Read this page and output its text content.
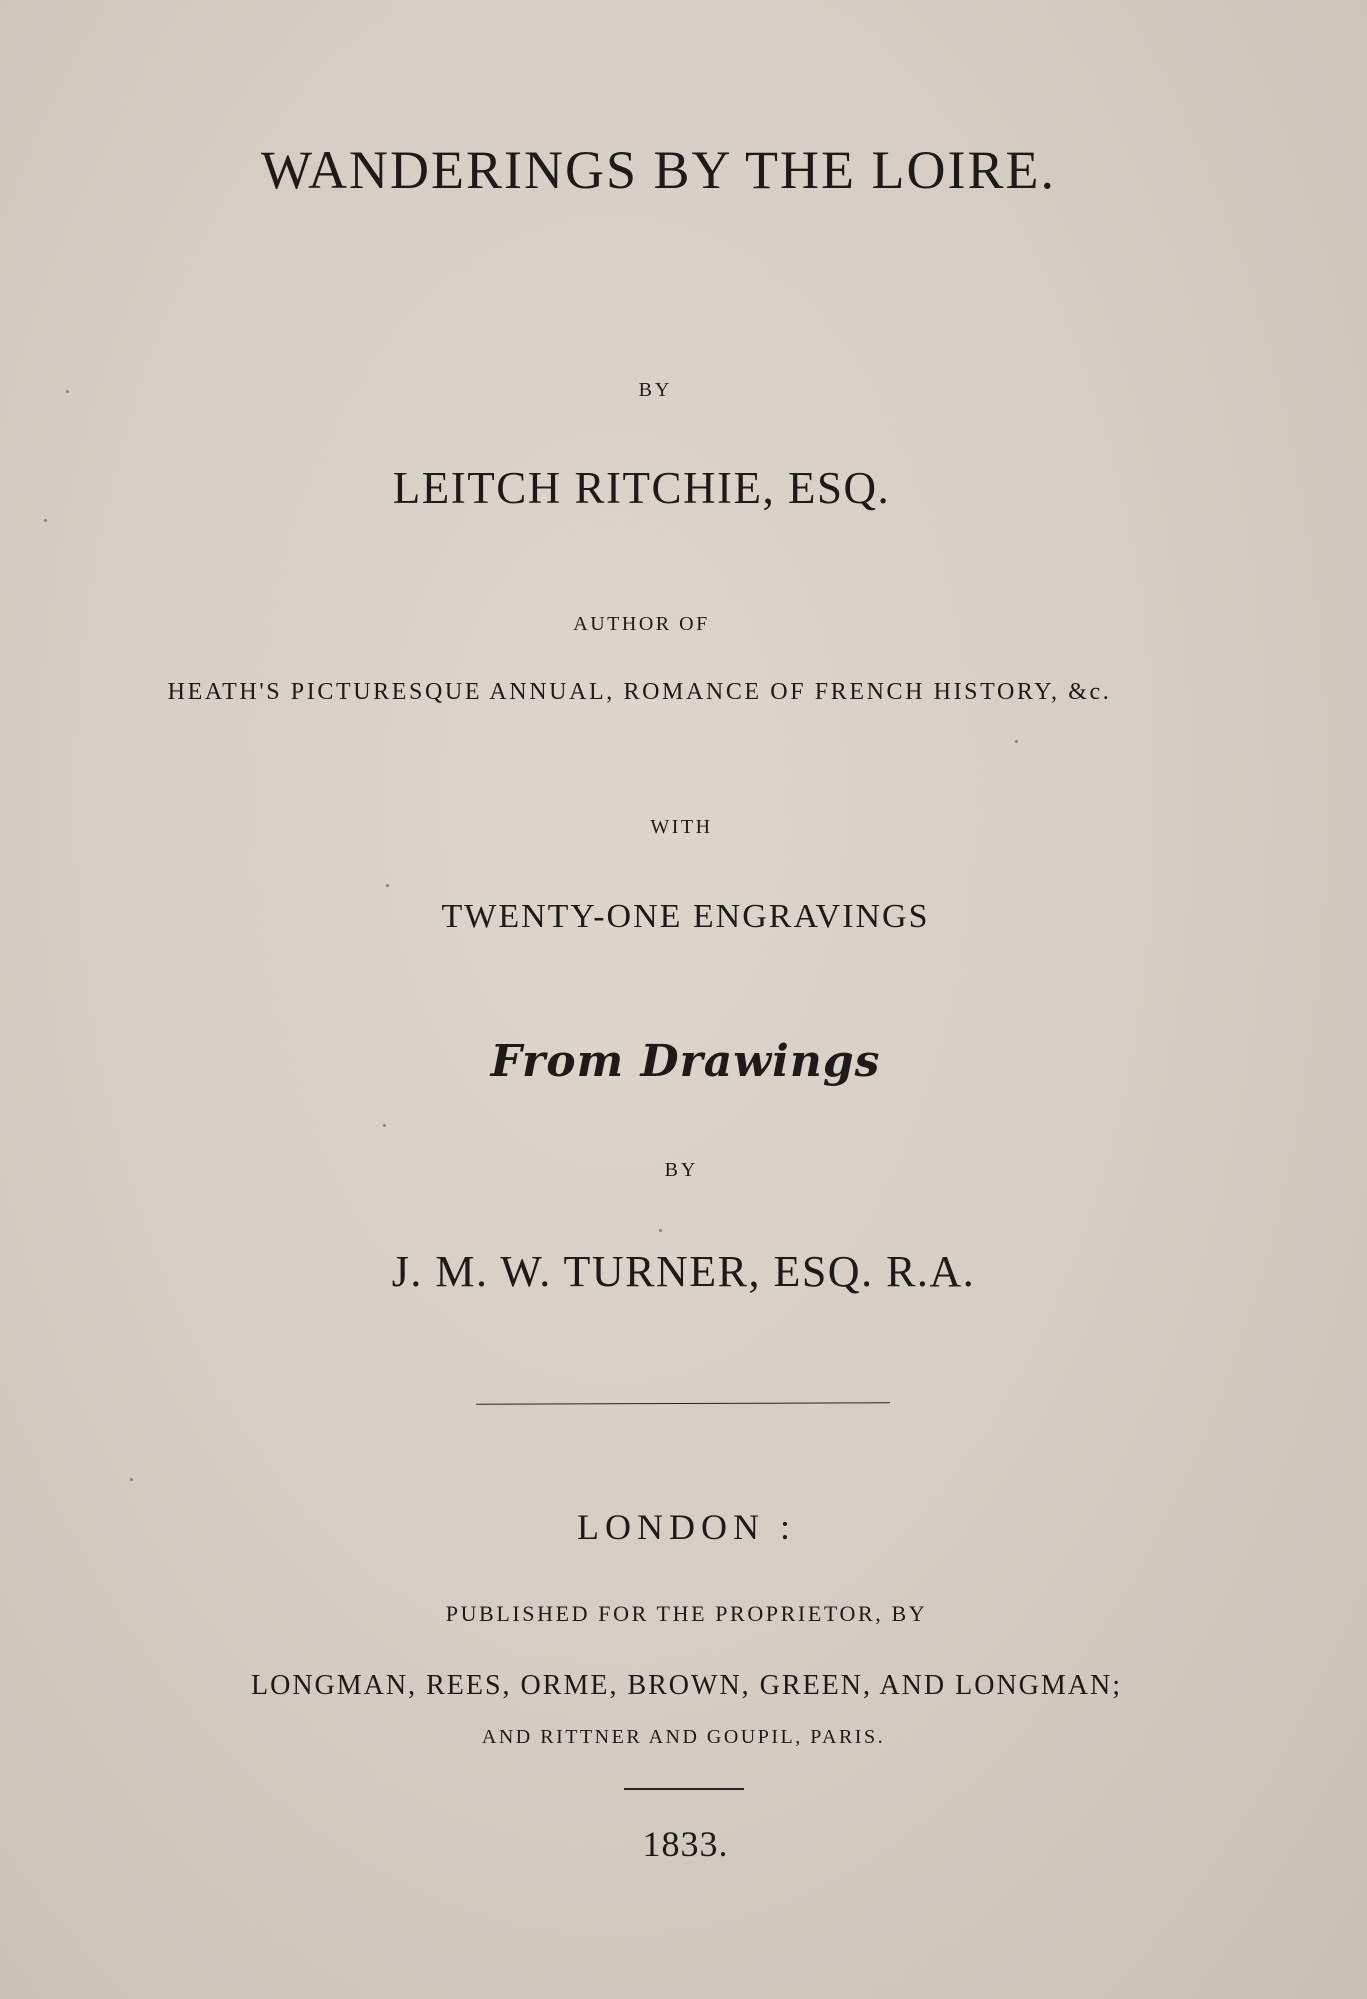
WANDERINGS BY THE LOIRE.
BY
LEITCH RITCHIE, ESQ.
AUTHOR OF
HEATH'S PICTURESQUE ANNUAL, ROMANCE OF FRENCH HISTORY, &c.
WITH
TWENTY-ONE ENGRAVINGS
From Drawings
BY
J. M. W. TURNER, ESQ. R.A.
LONDON :
PUBLISHED FOR THE PROPRIETOR, BY
LONGMAN, REES, ORME, BROWN, GREEN, AND LONGMAN;
AND RITTNER AND GOUPIL, PARIS.
1833.
